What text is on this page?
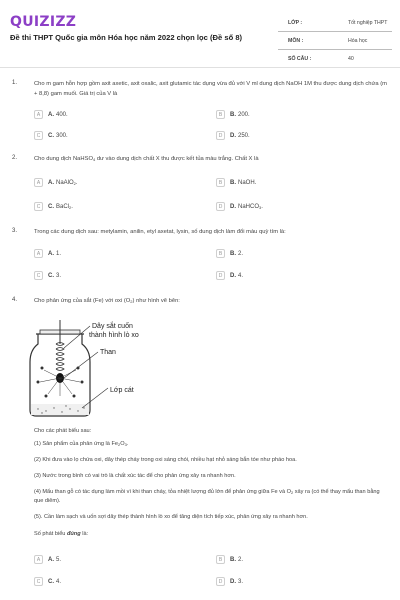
QUIZIZZ
Đề thi THPT Quốc gia môn Hóa học năm 2022 chọn lọc (Đề số 8)
LỚP :	Tốt nghiệp THPT
MÔN :	Hóa học
SỐ CÂU :	40
1.	Cho m gam hỗn hợp gồm axit axetic, axit oxalic, axit glutamic tác dụng vừa đủ với V ml dung dịch NaOH 1M thu được dung dịch chứa (m + 8,8) gam muối. Giá trị của V là
A	A. 400.	B	B. 200.
C	C. 300.	D	D. 250.
2.	Cho dung dịch NaHSO$_4$ dư vào dung dịch chất X thu được kết tủa màu trắng. Chất X là
A	A. NaAlO$_2$.	B	B. NaOH.
C	C. BaCl$_2$.	D	D. NaHCO$_3$.
3.	Trong các dung dịch sau: metylamin, anilin, etyl axetat, lysin, số dung dịch làm đổi màu quỳ tím là:
A	A. 1.	B	B. 2.
C	C. 3.	D	D. 4.
4.	Cho phản ứng của sắt (Fe) với oxi $(O_2)$ như hình vẽ bên:
Dây sắt cuốn
thành hình lò xo
Than
Lớp cát
Cho các phát biểu sau:
(1) Sản phẩm của phản ứng là $Fe_2O_3$.
(2) Khi đưa vào lọ chứa oxi, dây thép cháy trong oxi sáng chói, nhiều hạt nhỏ sáng bắn tóe như pháo hoa.
(3) Nước trong bình có vai trò là chất xúc tác để cho phản ứng xảy ra nhanh hơn.
(4) Mẩu than gỗ có tác dụng làm mồi vì khi than cháy, tỏa nhiệt lượng đủ lớn để phản ứng giữa Fe và $O_2$ xảy ra (có thể thay mẩu than bằng que diêm).
(5). Cần làm sạch và uốn sợi dây thép thành hình lò xo để tăng diện tích tiếp xúc, phản ứng xảy ra nhanh hơn.
Số phát biểu đúng là:
A	A. 5.	B	B. 2.
C	C. 4.	D	D. 3.
